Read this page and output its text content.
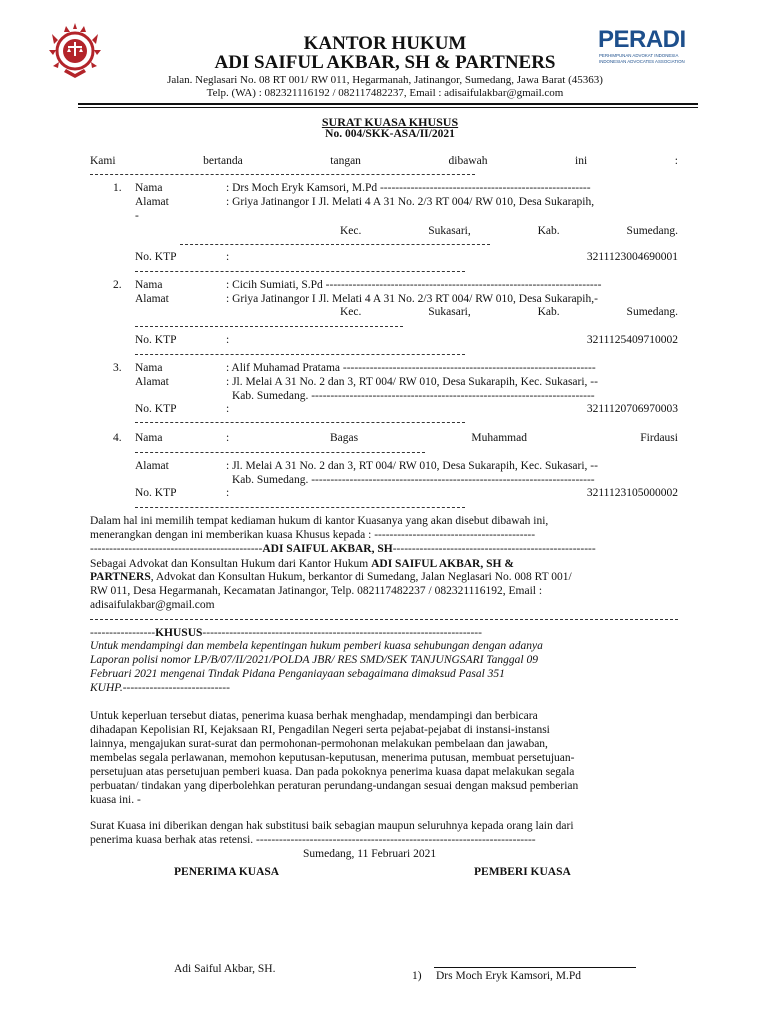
KANTOR HUKUM
ADI SAIFUL AKBAR, SH & PARTNERS
Jalan. Neglasari No. 08 RT 001/ RW 011, Hegarmanah, Jatinangor, Sumedang, Jawa Barat (45363)
Telp. (WA) : 082321116192 / 082117482237, Email : adisaifulakbar@gmail.com
PERADI
PERHIMPUNAN ADVOKAT INDONESIA
INDONESIAN ADVOCATES ASSOCIATION
SURAT KUASA KHUSUS
No. 004/SKK-ASA/II/2021
Kami	bertanda	tangan	dibawah	ini	:
1. Nama	: Drs Moch Eryk Kamsori, M.Pd -------------------------------------------------------
Alamat	: Griya Jatinangor I Jl. Melati 4 A 31 No. 2/3 RT 004/ RW 010, Desa Sukarapih,
-
Kec.	Sukasari,	Kab.	Sumedang.
No. KTP	:	3211123004690001
2. Nama	: Cicih Sumiati, S.Pd ------------------------------------------------------------------------
Alamat	: Griya Jatinangor I Jl. Melati 4 A 31 No. 2/3 RT 004/ RW 010, Desa Sukarapih,-
Kec.	Sukasari,	Kab.	Sumedang.
No. KTP	:	3211125409710002
3. Nama	: Alif Muhamad Pratama ------------------------------------------------------------------
Alamat	: Jl. Melai A 31 No. 2 dan 3, RT 004/ RW 010, Desa Sukarapih, Kec. Sukasari, --
Kab. Sumedang. --------------------------------------------------------------------------
No. KTP	:	3211120706970003
4. Nama	:	Bagas	Muhammad	Firdausi
Alamat	: Jl. Melai A 31 No. 2 dan 3, RT 004/ RW 010, Desa Sukarapih, Kec. Sukasari, --
Kab. Sumedang. --------------------------------------------------------------------------
No. KTP	:	3211123105000002
Dalam hal ini memilih tempat kediaman hukum di kantor Kuasanya yang akan disebut dibawah ini,
menerangkan dengan ini memberikan kuasa Khusus kepada : ------------------------------------------
---------------------------------------------ADI SAIFUL AKBAR, SH-----------------------------------------------------
Sebagai Advokat dan Konsultan Hukum dari Kantor Hukum ADI SAIFUL AKBAR, SH &
PARTNERS, Advokat dan Konsultan Hukum, berkantor di Sumedang, Jalan Neglasari No. 008 RT 001/
RW 011, Desa Hegarmanah, Kecamatan Jatinangor, Telp. 082117482237 / 082321116192, Email :
adisaifulakbar@gmail.com
-----------------KHUSUS-------------------------------------------------------------------------
Untuk mendampingi dan membela kepentingan hukum pemberi kuasa sehubungan dengan adanya
Laporan polisi nomor LP/B/07/II/2021/POLDA JBR/ RES SMD/SEK TANJUNGSARI Tanggal 09
Februari 2021 mengenai Tindak Pidana Penganiayaan sebagaimana dimaksud Pasal 351
KUHP.----------------------------
Untuk keperluan tersebut diatas, penerima kuasa berhak menghadap, mendampingi dan berbicara
dihadapan Kepolisian RI, Kejaksaan RI, Pengadilan Negeri serta pejabat-pejabat di instansi-instansi
lainnya, mengajukan surat-surat dan permohonan-permohonan melakukan pembelaan dan jawaban,
membelas segala perlawanan, memohon keputusan-keputusan, menerima putusan, membuat persetujuan-
persetujuan atas persetujuan pemberi kuasa. Dan pada pokoknya penerima kuasa dapat melakukan segala
perbuatan/ tindakan yang diperbolehkan peraturan perundang-undangan sesuai dengan maksud pemberian
kuasa ini. -
Surat Kuasa ini diberikan dengan hak substitusi baik sebagian maupun seluruhnya kepada orang lain dari
penerima kuasa berhak atas retensi. -------------------------------------------------------------------------
Sumedang, 11 Februari 2021
PENERIMA KUASA	PEMBERI KUASA
Adi Saiful Akbar, SH.
1) Drs Moch Eryk Kamsori, M.Pd
